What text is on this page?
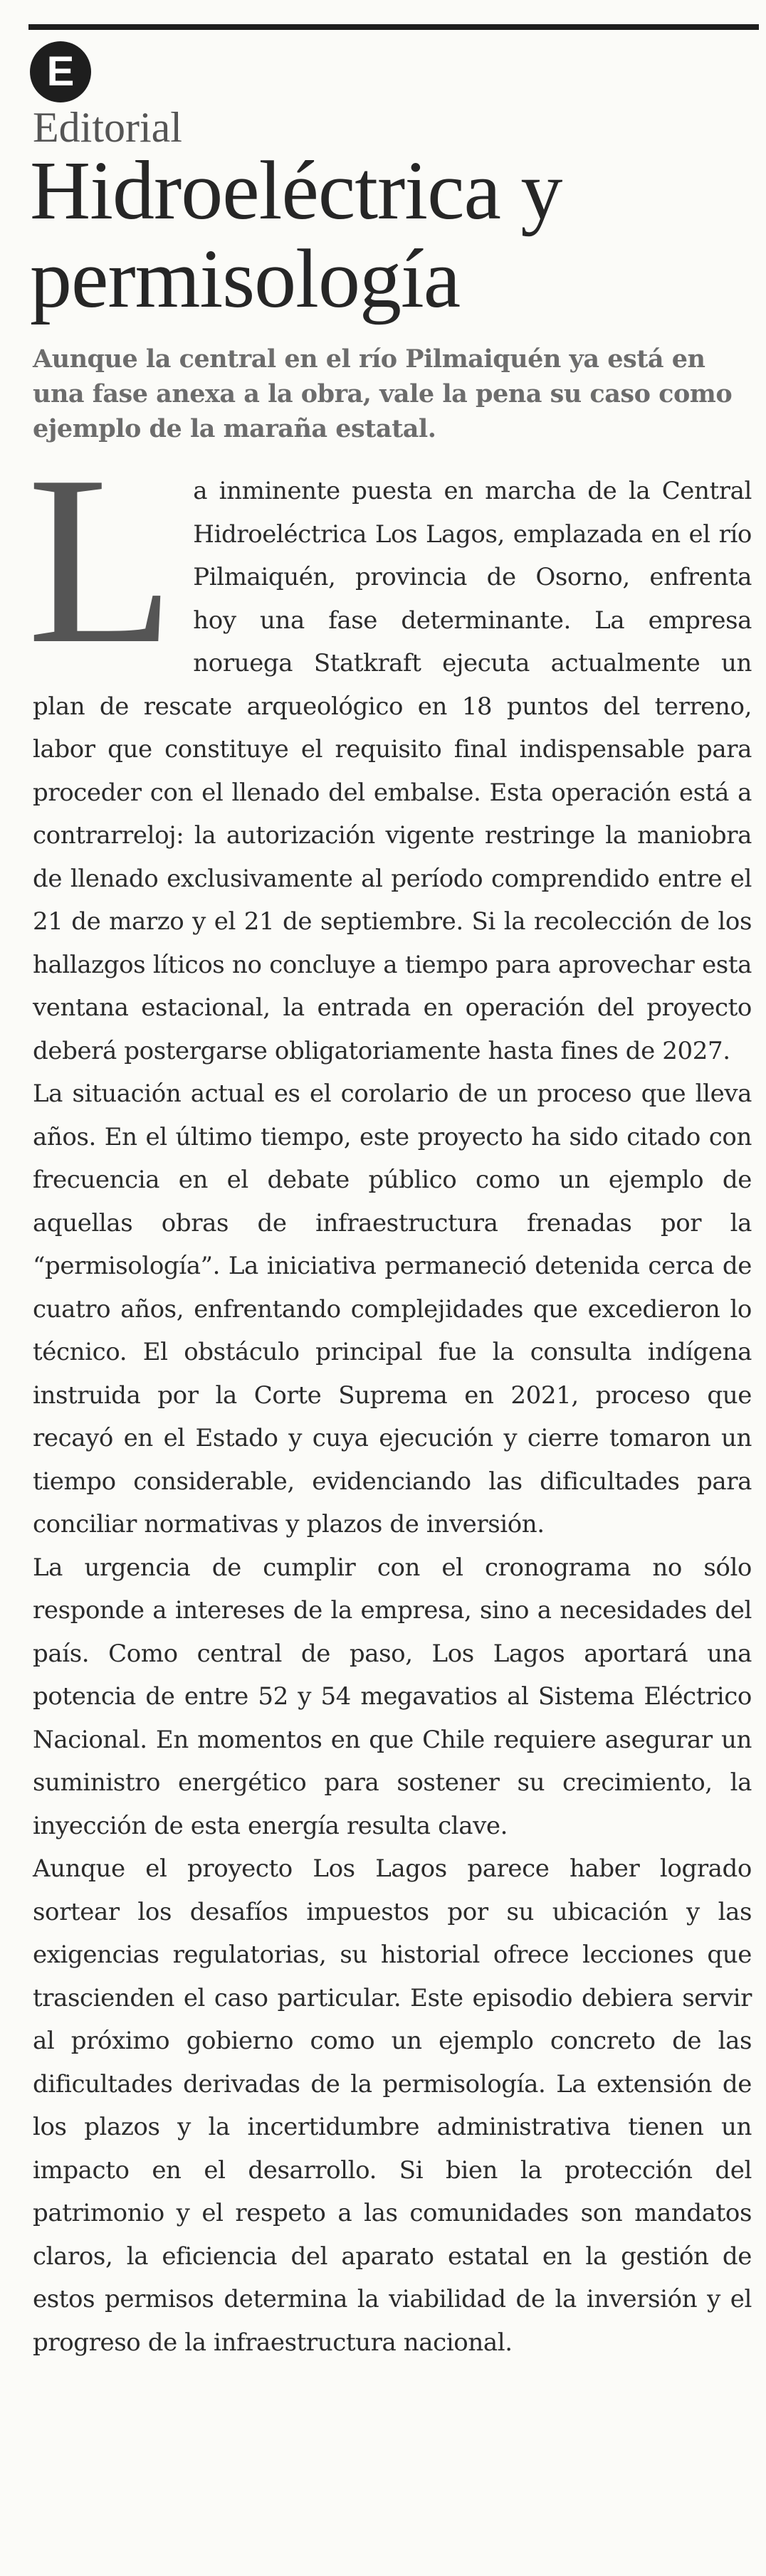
E
Editorial
Hidroeléctrica y permisología
Aunque la central en el río Pilmaiquén ya está en una fase anexa a la obra, vale la pena su caso como ejemplo de la maraña estatal.

La inminente puesta en marcha de la Central Hidroeléctrica Los Lagos, emplazada en el río Pilmaiquén, provincia de Osorno, enfrenta hoy una fase determinante. La empresa noruega Statkraft ejecuta actualmente un plan de rescate arqueológico en 18 puntos del terreno, labor que constituye el requisito final indispensable para proceder con el llenado del embalse. Esta operación está a contrarreloj: la autorización vigente restringe la maniobra de llenado exclusivamente al período comprendido entre el 21 de marzo y el 21 de septiembre. Si la recolección de los hallazgos líticos no concluye a tiempo para aprovechar esta ventana estacional, la entrada en operación del proyecto deberá postergarse obligatoriamente hasta fines de 2027.

La situación actual es el corolario de un proceso que lleva años. En el último tiempo, este proyecto ha sido citado con frecuencia en el debate público como un ejemplo de aquellas obras de infraestructura frenadas por la “permisología”. La iniciativa permaneció detenida cerca de cuatro años, enfrentando complejidades que excedieron lo técnico. El obstáculo principal fue la consulta indígena instruida por la Corte Suprema en 2021, proceso que recayó en el Estado y cuya ejecución y cierre tomaron un tiempo considerable, evidenciando las dificultades para conciliar normativas y plazos de inversión.

La urgencia de cumplir con el cronograma no sólo responde a intereses de la empresa, sino a necesidades del país. Como central de paso, Los Lagos aportará una potencia de entre 52 y 54 megavatios al Sistema Eléctrico Nacional. En momentos en que Chile requiere asegurar un suministro energético para sostener su crecimiento, la inyección de esta energía resulta clave.

Aunque el proyecto Los Lagos parece haber logrado sortear los desafíos impuestos por su ubicación y las exigencias regulatorias, su historial ofrece lecciones que trascienden el caso particular. Este episodio debiera servir al próximo gobierno como un ejemplo concreto de las dificultades derivadas de la permisología. La extensión de los plazos y la incertidumbre administrativa tienen un impacto en el desarrollo. Si bien la protección del patrimonio y el respeto a las comunidades son mandatos claros, la eficiencia del aparato estatal en la gestión de estos permisos determina la viabilidad de la inversión y el progreso de la infraestructura nacional.
